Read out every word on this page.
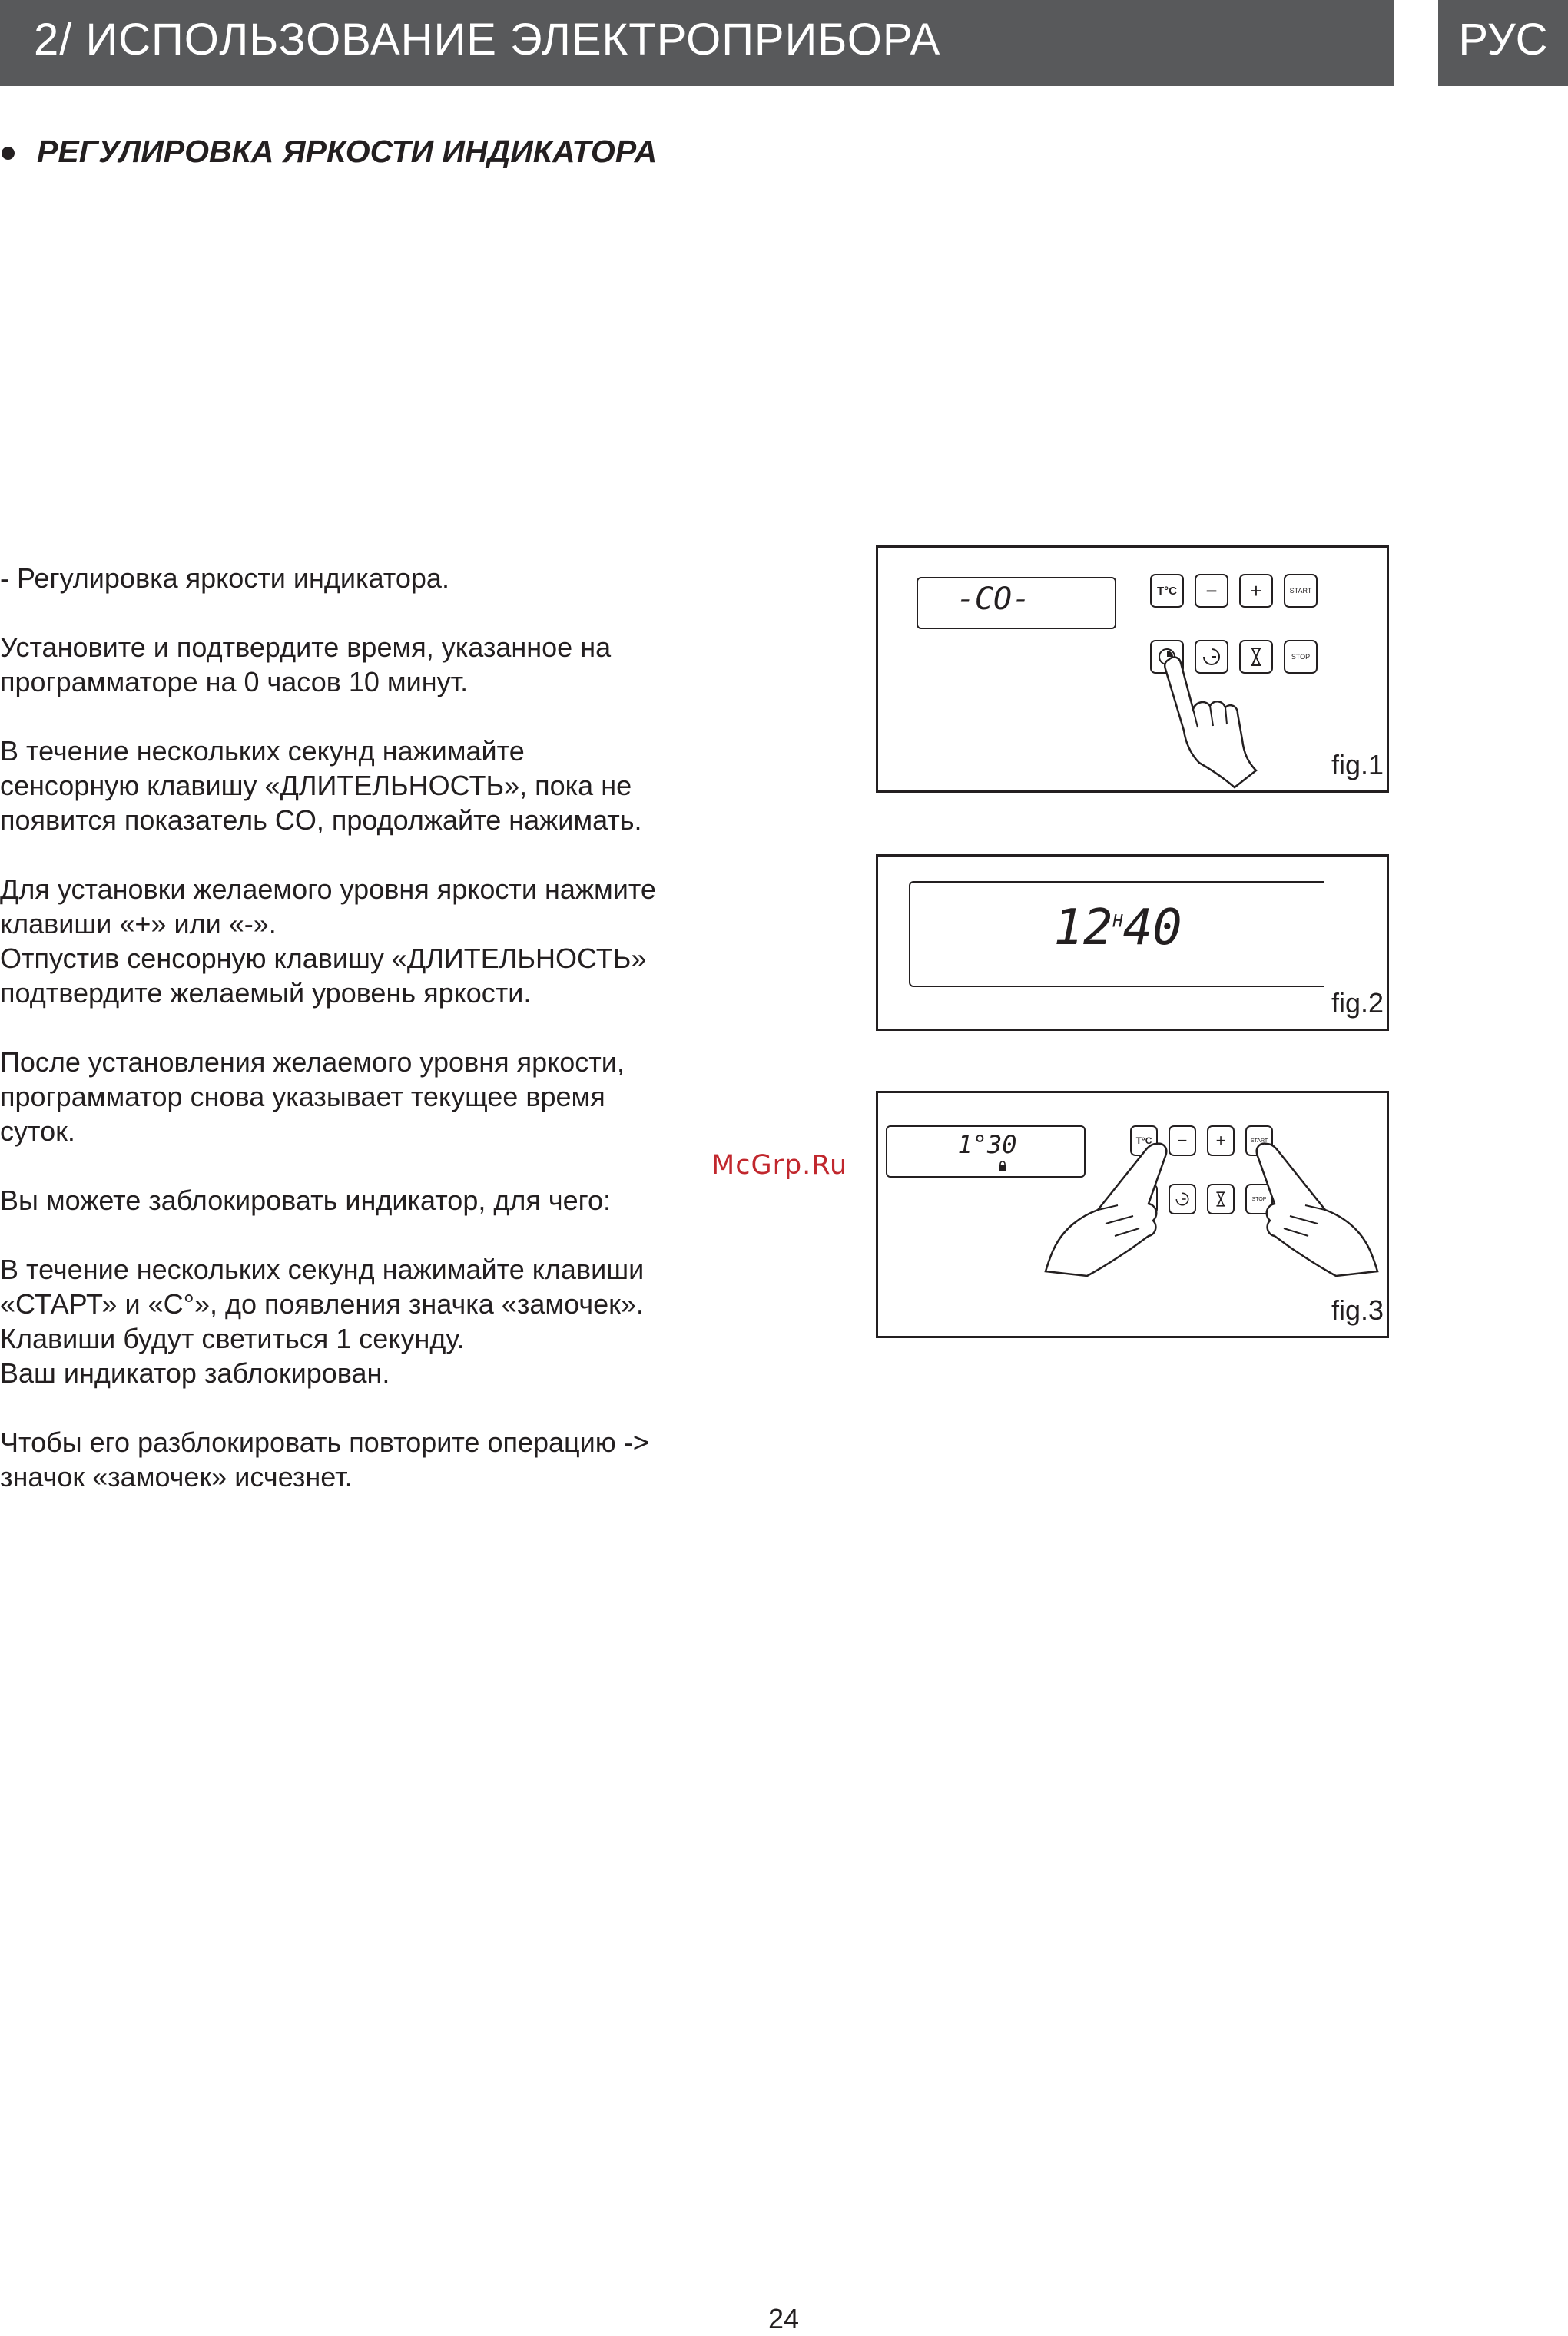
2/ ИСПОЛЬЗОВАНИЕ ЭЛЕКТРОПРИБОРА	РУС
РЕГУЛИРОВКА ЯРКОСТИ ИНДИКАТОРА

- Регулировка яркости индикатора.

Установите и подтвердите время, указанное на
программаторе на 0 часов 10 минут.

В течение нескольких секунд нажимайте
сенсорную клавишу «ДЛИТЕЛЬНОСТЬ», пока не
появится показатель CO, продолжайте нажимать.

Для установки желаемого уровня яркости нажмите
клавиши «+» или «-».
Отпустив сенсорную клавишу «ДЛИТЕЛЬНОСТЬ»
подтвердите желаемый уровень яркости.

После установления желаемого уровня яркости,
программатор снова указывает текущее время
суток.

Вы можете заблокировать индикатор, для чего:

В течение нескольких секунд нажимайте клавиши
«СТАРТ» и «C°», до появления значка «замочек».
Клавиши будут светиться 1 секунду.
Ваш индикатор заблокирован.

Чтобы его разблокировать повторите операцию ->
значок «замочек» исчезнет.

-CO-	T°C − +	START
STOP
fig.1
$12^H40$
fig.2
1°30	T°C − +	START
STOP
fig.3
McGrp.Ru
24
